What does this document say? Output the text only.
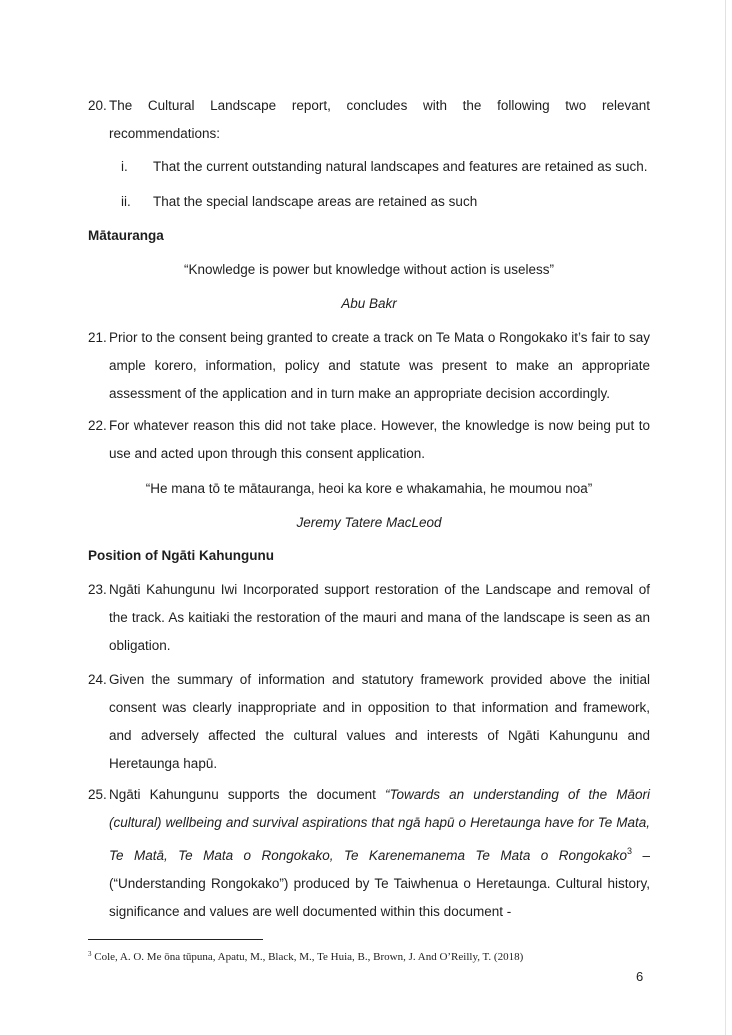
20. The Cultural Landscape report, concludes with the following two relevant recommendations:
i. That the current outstanding natural landscapes and features are retained as such.
ii. That the special landscape areas are retained as such
Mātauranga
“Knowledge is power but knowledge without action is useless”
Abu Bakr
21. Prior to the consent being granted to create a track on Te Mata o Rongokako it’s fair to say ample korero, information, policy and statute was present to make an appropriate assessment of the application and in turn make an appropriate decision accordingly.
22. For whatever reason this did not take place. However, the knowledge is now being put to use and acted upon through this consent application.
“He mana tō te mātauranga, heoi ka kore e whakamahia, he moumou noa”
Jeremy Tatere MacLeod
Position of Ngāti Kahungunu
23. Ngāti Kahungunu Iwi Incorporated support restoration of the Landscape and removal of the track. As kaitiaki the restoration of the mauri and mana of the landscape is seen as an obligation.
24. Given the summary of information and statutory framework provided above the initial consent was clearly inappropriate and in opposition to that information and framework, and adversely affected the cultural values and interests of Ngāti Kahungunu and Heretaunga hapū.
25. Ngāti Kahungunu supports the document “Towards an understanding of the Māori (cultural) wellbeing and survival aspirations that ngā hapū o Heretaunga have for Te Mata, Te Matā, Te Mata o Rongokako, Te Karenemanema Te Mata o Rongokako$^3$ – (“Understanding Rongokako”) produced by Te Taiwhenua o Heretaunga. Cultural history, significance and values are well documented within this document -
$^3$ Cole, A. O. Me ōna tūpuna, Apatu, M., Black, M., Te Huia, B., Brown, J. And O’Reilly, T. (2018)
6
